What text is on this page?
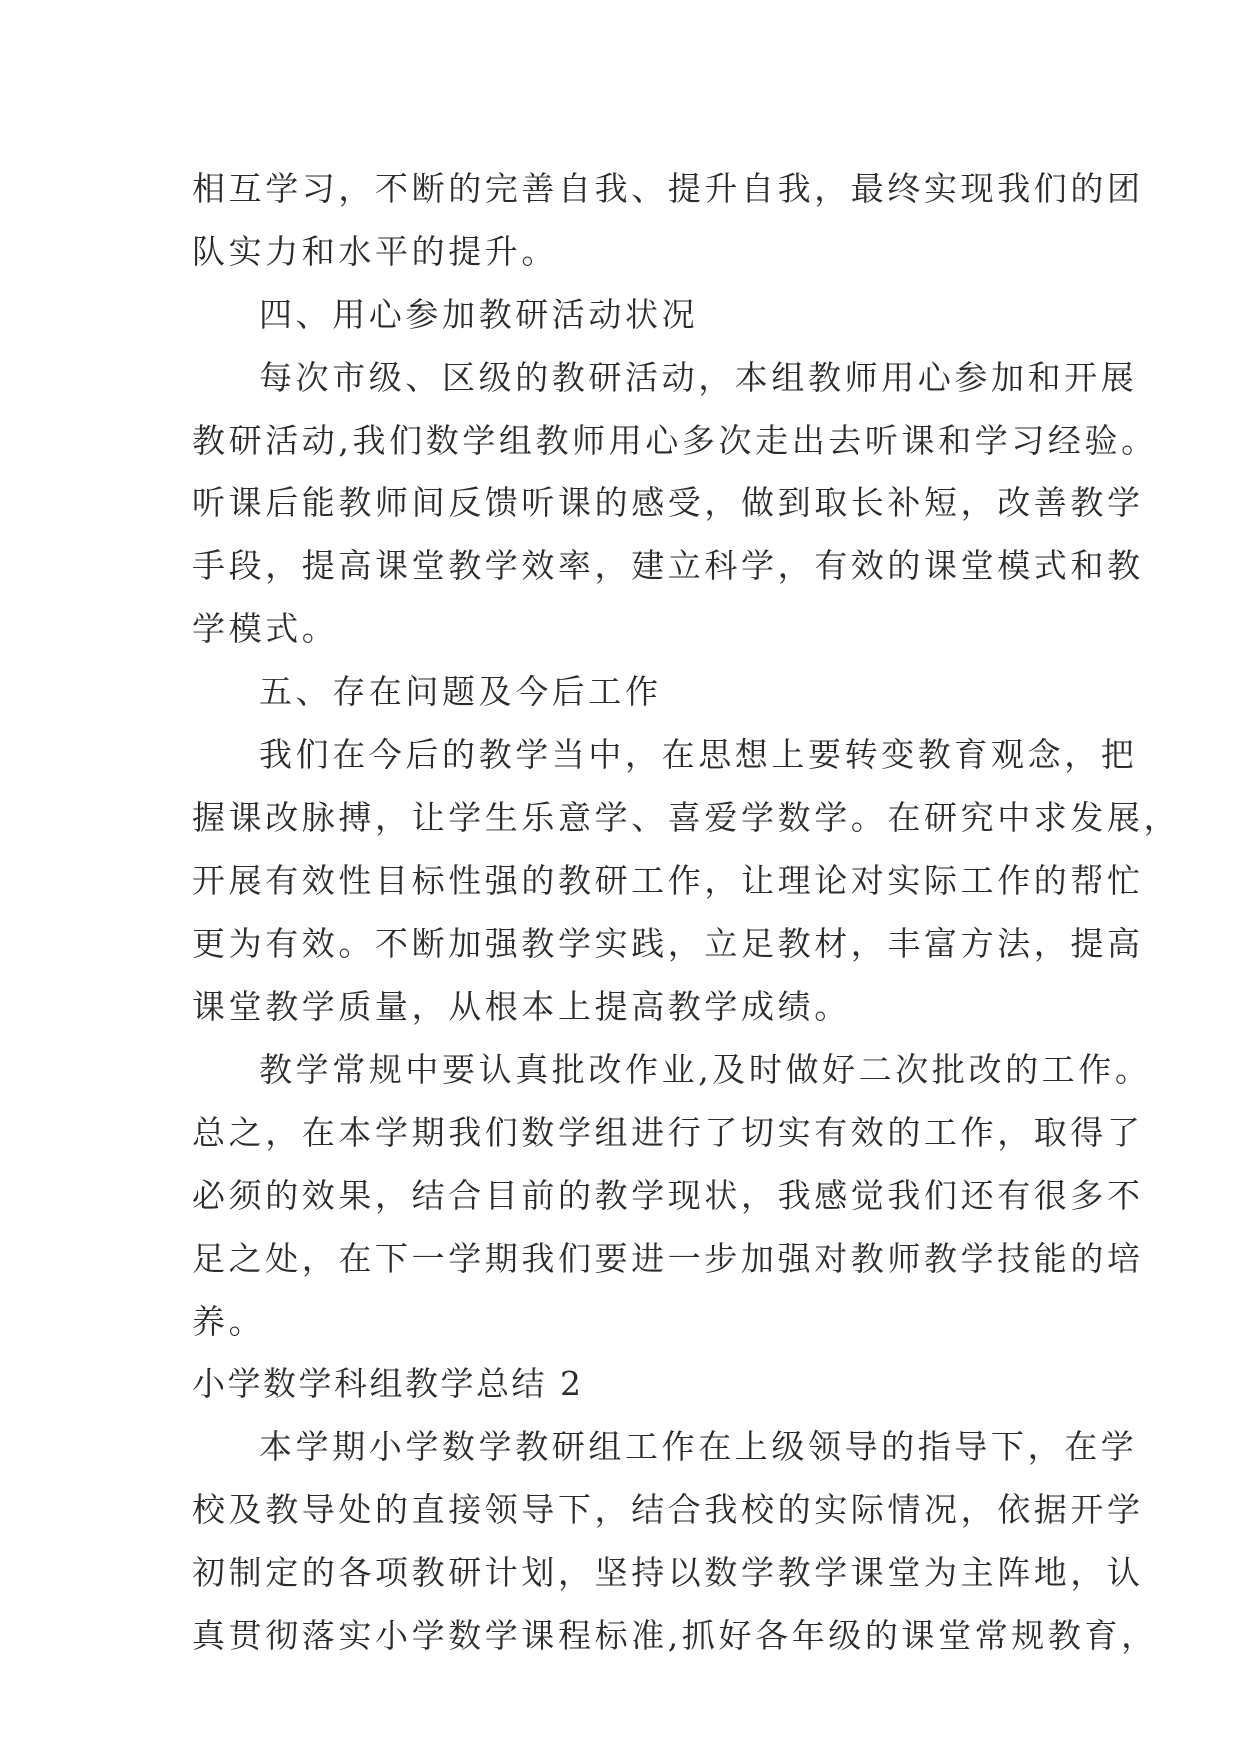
相互学习，不断的完善自我、提升自我，最终实现我们的团
队实力和水平的提升。
四、用心参加教研活动状况
每次市级、区级的教研活动，本组教师用心参加和开展
教研活动,我们数学组教师用心多次走出去听课和学习经验。
听课后能教师间反馈听课的感受，做到取长补短，改善教学
手段，提高课堂教学效率，建立科学，有效的课堂模式和教
学模式。
五、存在问题及今后工作
我们在今后的教学当中，在思想上要转变教育观念，把
握课改脉搏，让学生乐意学、喜爱学数学。在研究中求发展，
开展有效性目标性强的教研工作，让理论对实际工作的帮忙
更为有效。不断加强教学实践，立足教材，丰富方法，提高
课堂教学质量，从根本上提高教学成绩。
教学常规中要认真批改作业,及时做好二次批改的工作。
总之，在本学期我们数学组进行了切实有效的工作，取得了
必须的效果，结合目前的教学现状，我感觉我们还有很多不
足之处，在下一学期我们要进一步加强对教师教学技能的培
养。
小学数学科组教学总结 2
本学期小学数学教研组工作在上级领导的指导下，在学
校及教导处的直接领导下，结合我校的实际情况，依据开学
初制定的各项教研计划，坚持以数学教学课堂为主阵地，认
真贯彻落实小学数学课程标准,抓好各年级的课堂常规教育，
